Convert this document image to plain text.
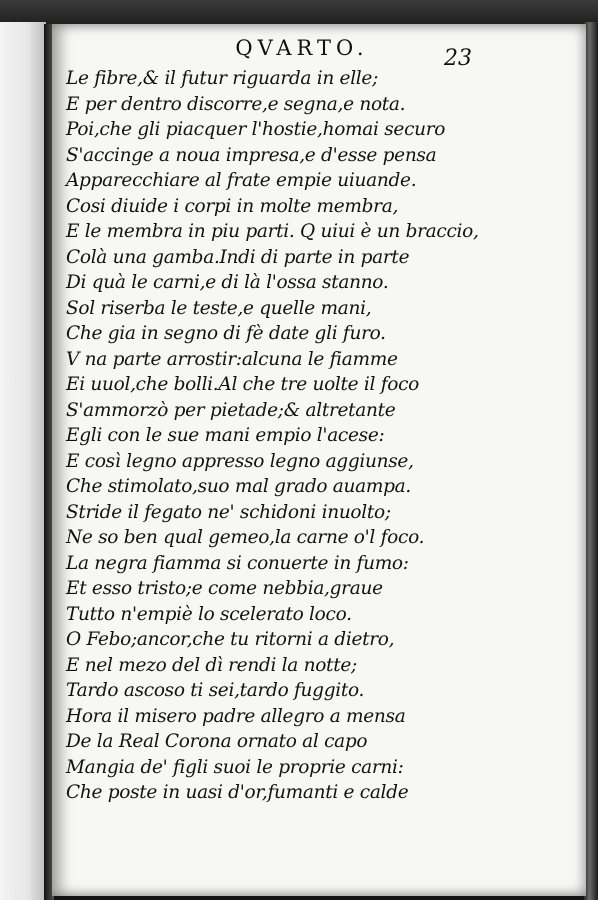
QVARTO.	23
Le fibre,& il futur riguarda in elle;
E per dentro discorre,e segna,e nota.
Poi,che gli piacquer l'hostie,homai securo
S'accinge a noua impresa,e d'esse pensa
Apparecchiare al frate empie uiuande.
Cosi diuide i corpi in molte membra,
E le membra in piu parti. Q uiui è un braccio,
Colà una gamba.Indi di parte in parte
Di quà le carni,e di là l'ossa stanno.
Sol riserba le teste,e quelle mani,
Che gia in segno di fè date gli furo.
V na parte arrostir:alcuna le fiamme
Ei uuol,che bolli.Al che tre uolte il foco
S'ammorzò per pietade;& altretante
Egli con le sue mani empio l'acese:
E così legno appresso legno aggiunse,
Che stimolato,suo mal grado auampa.
Stride il fegato ne' schidoni inuolto;
Ne so ben qual gemeo,la carne o'l foco.
La negra fiamma si conuerte in fumo:
Et esso tristo;e come nebbia,graue
Tutto n'empiè lo scelerato loco.
O Febo;ancor,che tu ritorni a dietro,
E nel mezo del dì rendi la notte;
Tardo ascoso ti sei,tardo fuggito.
Hora il misero padre allegro a mensa
De la Real Corona ornato al capo
Mangia de' figli suoi le proprie carni:
Che poste in uasi d'or,fumanti e calde
